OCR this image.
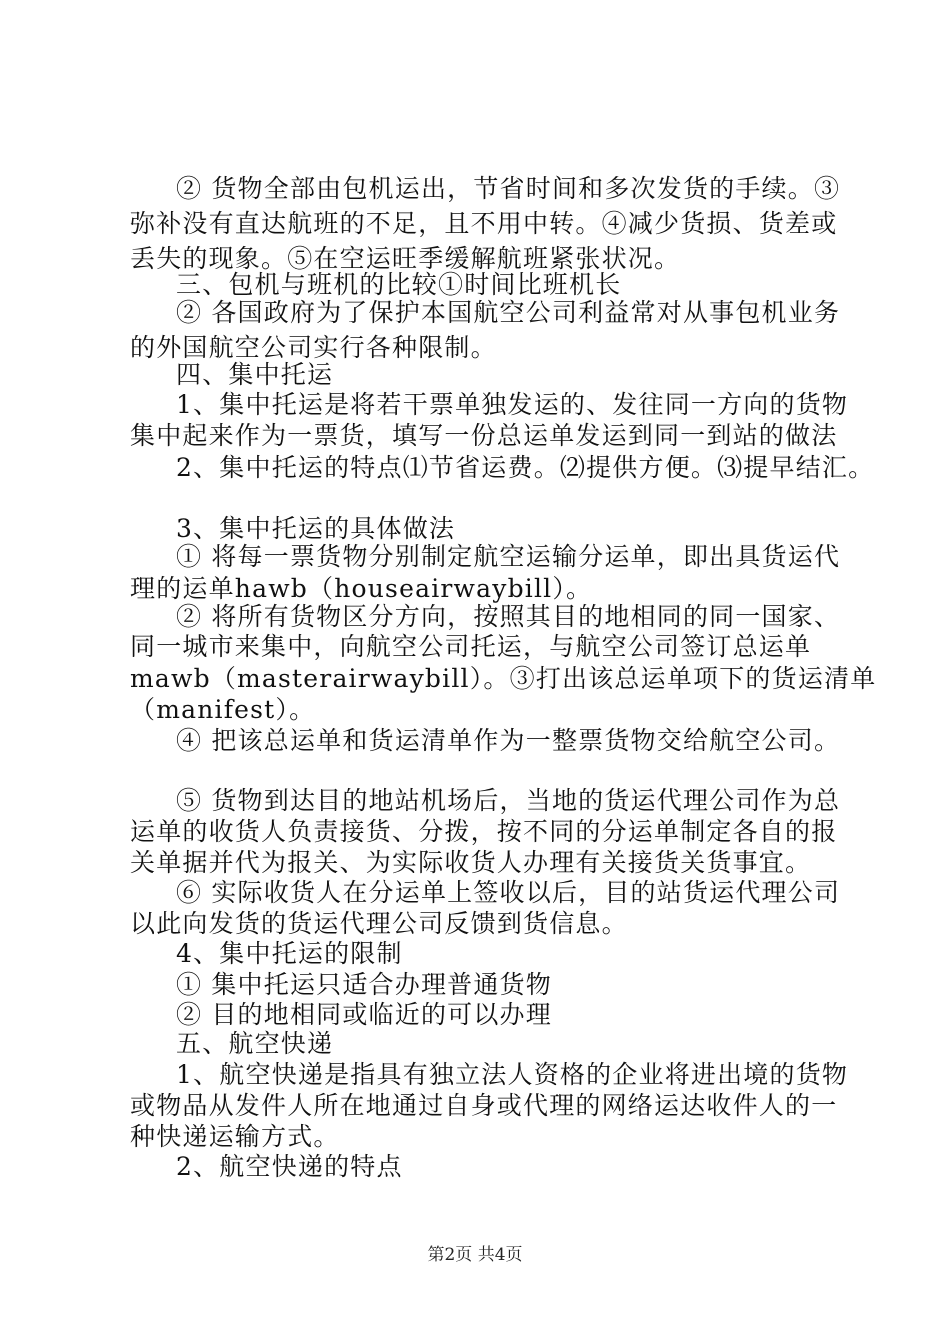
② 货物全部由包机运出，节省时间和多次发货的手续。③
弥补没有直达航班的不足，且不用中转。④减少货损、货差或
丢失的现象。⑤在空运旺季缓解航班紧张状况。
三、包机与班机的比较①时间比班机长
② 各国政府为了保护本国航空公司利益常对从事包机业务
的外国航空公司实行各种限制。
四、集中托运
1、集中托运是将若干票单独发运的、发往同一方向的货物
集中起来作为一票货，填写一份总运单发运到同一到站的做法
2、集中托运的特点⑴节省运费。⑵提供方便。⑶提早结汇。
3、集中托运的具体做法
① 将每一票货物分别制定航空运输分运单，即出具货运代
理的运单hawb（houseairwaybill）。
② 将所有货物区分方向，按照其目的地相同的同一国家、
同一城市来集中，向航空公司托运，与航空公司签订总运单
mawb（masterairwaybill）。③打出该总运单项下的货运清单
（manifest）。
④ 把该总运单和货运清单作为一整票货物交给航空公司。
⑤ 货物到达目的地站机场后，当地的货运代理公司作为总
运单的收货人负责接货、分拨，按不同的分运单制定各自的报
关单据并代为报关、为实际收货人办理有关接货关货事宜。
⑥ 实际收货人在分运单上签收以后，目的站货运代理公司
以此向发货的货运代理公司反馈到货信息。
4、集中托运的限制
① 集中托运只适合办理普通货物
② 目的地相同或临近的可以办理
五、航空快递
1、航空快递是指具有独立法人资格的企业将进出境的货物
或物品从发件人所在地通过自身或代理的网络运达收件人的一
种快递运输方式。
2、航空快递的特点
第2页 共4页
